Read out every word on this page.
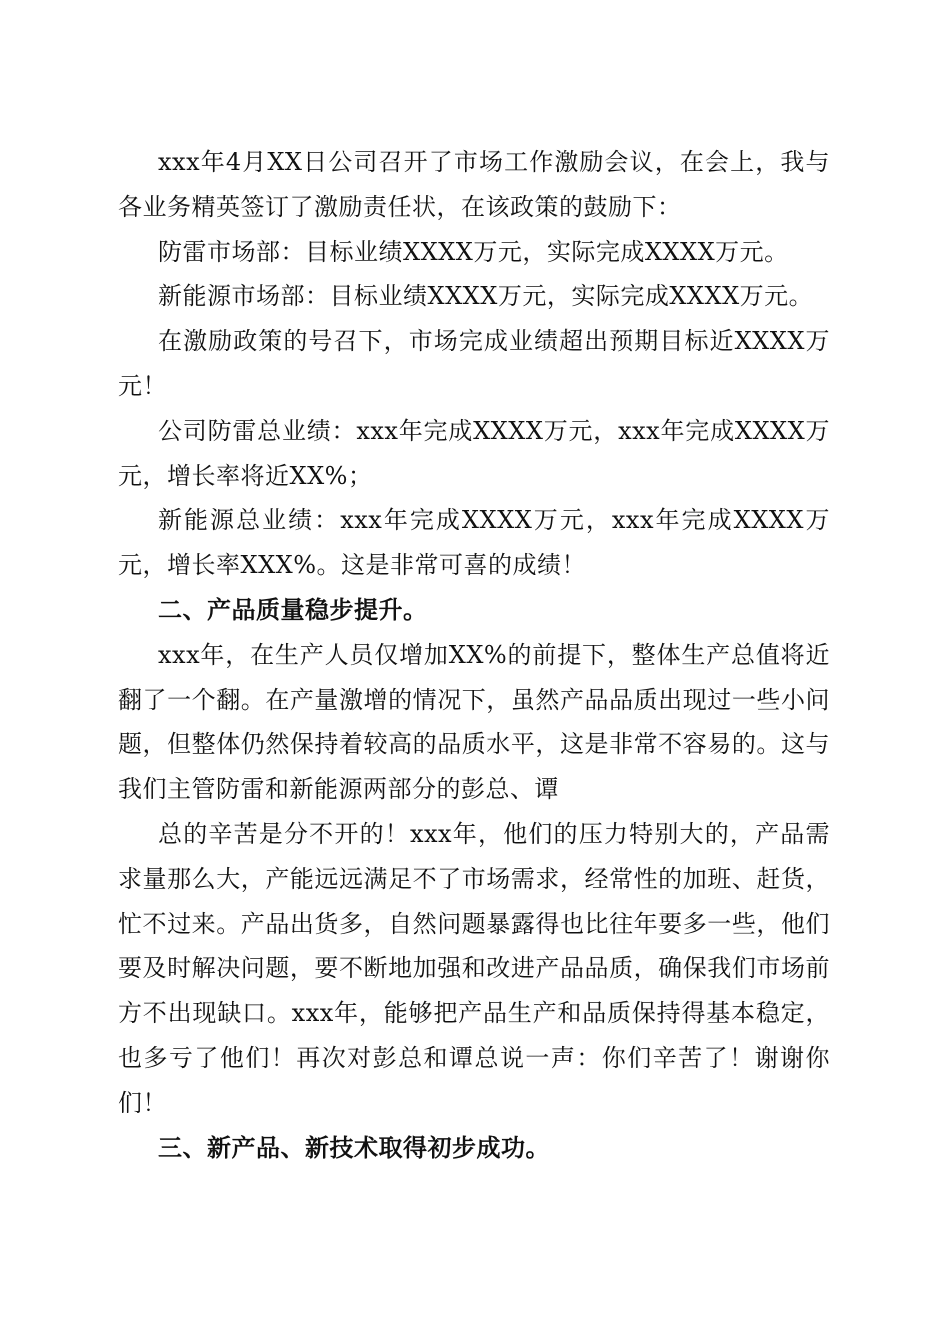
xxx年4月XX日公司召开了市场工作激励会议，在会上，我与各业务精英签订了激励责任状，在该政策的鼓励下：

防雷市场部：目标业绩XXXX万元，实际完成XXXX万元。

新能源市场部：目标业绩XXXX万元，实际完成XXXX万元。

在激励政策的号召下，市场完成业绩超出预期目标近XXXX万元！

公司防雷总业绩：xxx年完成XXXX万元，xxx年完成XXXX万元，增长率将近XX%；

新能源总业绩：xxx年完成XXXX万元，xxx年完成XXXX万元，增长率XXX%。这是非常可喜的成绩！

二、产品质量稳步提升。

xxx年，在生产人员仅增加XX%的前提下，整体生产总值将近翻了一个翻。在产量激增的情况下，虽然产品品质出现过一些小问题，但整体仍然保持着较高的品质水平，这是非常不容易的。这与我们主管防雷和新能源两部分的彭总、谭

总的辛苦是分不开的！xxx年，他们的压力特别大的，产品需求量那么大，产能远远满足不了市场需求，经常性的加班、赶货，忙不过来。产品出货多，自然问题暴露得也比往年要多一些，他们要及时解决问题，要不断地加强和改进产品品质，确保我们市场前方不出现缺口。xxx年，能够把产品生产和品质保持得基本稳定，也多亏了他们！再次对彭总和谭总说一声：你们辛苦了！谢谢你们！

三、新产品、新技术取得初步成功。
